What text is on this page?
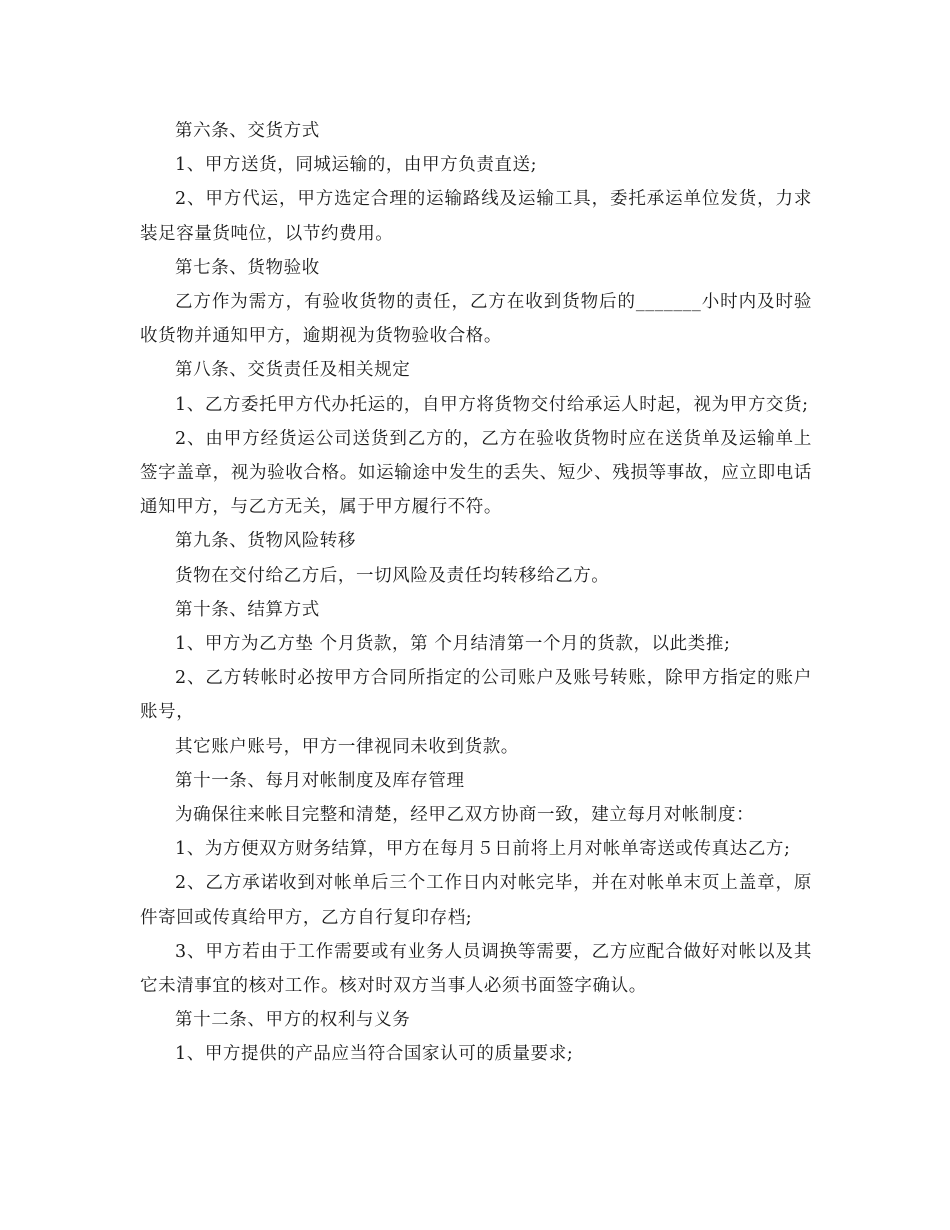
第六条、交货方式

1、甲方送货，同城运输的，由甲方负责直送;

2、甲方代运，甲方选定合理的运输路线及运输工具，委托承运单位发货，力求装足容量货吨位，以节约费用。

第七条、货物验收

乙方作为需方，有验收货物的责任，乙方在收到货物后的_______小时内及时验收货物并通知甲方，逾期视为货物验收合格。

第八条、交货责任及相关规定

1、乙方委托甲方代办托运的，自甲方将货物交付给承运人时起，视为甲方交货;

2、由甲方经货运公司送货到乙方的，乙方在验收货物时应在送货单及运输单上签字盖章，视为验收合格。如运输途中发生的丢失、短少、残损等事故，应立即电话通知甲方，与乙方无关，属于甲方履行不符。

第九条、货物风险转移

货物在交付给乙方后，一切风险及责任均转移给乙方。

第十条、结算方式

1、甲方为乙方垫 个月货款，第 个月结清第一个月的货款，以此类推;

2、乙方转帐时必按甲方合同所指定的公司账户及账号转账，除甲方指定的账户账号，

其它账户账号，甲方一律视同未收到货款。

第十一条、每月对帐制度及库存管理

为确保往来帐目完整和清楚，经甲乙双方协商一致，建立每月对帐制度：

1、为方便双方财务结算，甲方在每月５日前将上月对帐单寄送或传真达乙方;

2、乙方承诺收到对帐单后三个工作日内对帐完毕，并在对帐单末页上盖章，原件寄回或传真给甲方，乙方自行复印存档;

3、甲方若由于工作需要或有业务人员调换等需要，乙方应配合做好对帐以及其它未清事宜的核对工作。核对时双方当事人必须书面签字确认。

第十二条、甲方的权利与义务

1、甲方提供的产品应当符合国家认可的质量要求;
